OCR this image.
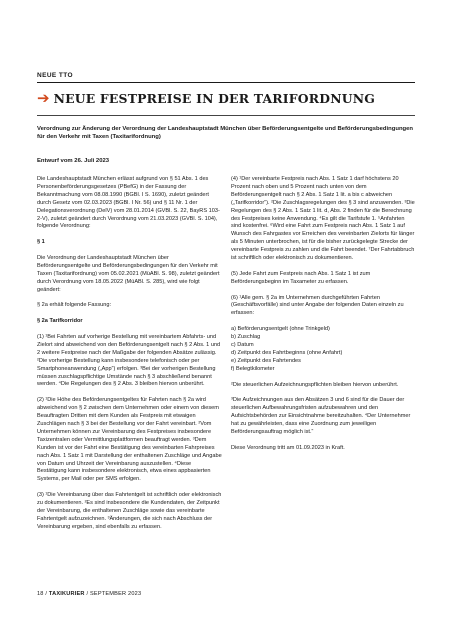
NEUE TTO
➔ NEUE FESTPREISE IN DER TARIFORDNUNG
Verordnung zur Änderung der Verordnung der Landeshauptstadt München über Beförderungsentgelte und Beförderungsbedingungen für den Verkehr mit Taxen (Taxitarifordnung)
Entwurf vom 26. Juli 2023

Die Landeshauptstadt München erlässt aufgrund von § 51 Abs. 1 des Personenbeförderungsgesetzes (PBefG) in der Fassung der Bekanntmachung vom 08.08.1990 (BGBl. I S. 1690), zuletzt geändert durch Gesetz vom 02.03.2023 (BGBl. I Nr. 56) und § 11 Nr. 1 der Delegationsverordnung (DelV) vom 28.01.2014 (GVBl. S. 22, BayRS 103-2-V), zuletzt geändert durch Verordnung vom 21.03.2023 (GVBl. S. 104), folgende Verordnung:

§ 1

Die Verordnung der Landeshauptstadt München über Beförderungsentgelte und Beförderungsbedingungen für den Verkehr mit Taxen (Taxitarifordnung) vom 05.02.2021 (MüABl. S. 98), zuletzt geändert durch Verordnung vom 18.05.2022 (MüABl. S. 285), wird wie folgt geändert:

§ 2a erhält folgende Fassung:

§ 2a Tarifkorridor

(1) ¹Bei Fahrten auf vorherige Bestellung mit vereinbartem Abfahrts- und Zielort sind abweichend von den Beförderungsentgelt nach § 2 Abs. 1 und 2 weitere Festpreise nach der Maßgabe der folgenden Absätze zulässig. ²Die vorherige Bestellung kann insbesondere telefonisch oder per Smartphoneanwendung („App“) erfolgen. ³Bei der vorherigen Bestellung müssen zuschlagspflichtige Umstände nach § 3 abschließend benannt werden. ⁴Die Regelungen des § 2 Abs. 3 bleiben hiervon unberührt.

(2) ¹Die Höhe des Beförderungsentgeltes für Fahrten nach § 2a wird abweichend von § 2 zwischen dem Unternehmen oder einem von diesem Beauftragten Dritten mit dem Kunden als Festpreis mit etwaigen Zuschlägen nach § 3 bei der Bestellung vor der Fahrt vereinbart. ²Vom Unternehmen können zur Vereinbarung des Festpreises insbesondere Taxizentralen oder Vermittlungsplattformen beauftragt werden. ³Dem Kunden ist vor der Fahrt eine Bestätigung des vereinbarten Fahrpreises nach Abs. 1 Satz 1 mit Darstellung der enthaltenen Zuschläge und Angabe von Datum und Uhrzeit der Vereinbarung auszustellen. ⁴Diese Bestätigung kann insbesondere elektronisch, etwa eines appbasierten Systems, per Mail oder per SMS erfolgen.

(3) ¹Die Vereinbarung über das Fahrtentgelt ist schriftlich oder elektronisch zu dokumentieren. ²Es sind insbesondere die Kundendaten, der Zeitpunkt der Vereinbarung, die enthaltenen Zuschläge sowie das vereinbarte Fahrtentgelt aufzuzeichnen. ³Änderungen, die sich nach Abschluss der Vereinbarung ergeben, sind ebenfalls zu erfassen.

(4) ¹Der vereinbarte Festpreis nach Abs. 1 Satz 1 darf höchstens 20 Prozent nach oben und 5 Prozent nach unten von dem Beförderungsentgelt nach § 2 Abs. 1 Satz 1 lit. a bis c abweichen („Tarifkorridor“). ²Die Zuschlagsregelungen des § 3 sind anzuwenden. ³Die Regelungen des § 2 Abs. 1 Satz 1 lit. d, Abs. 2 finden für die Berechnung des Festpreises keine Anwendung. ⁴Es gilt die Tarifstufe 1. ⁵Anfahrten sind kostenfrei. ⁶Wird eine Fahrt zum Festpreis nach Abs. 1 Satz 1 auf Wunsch des Fahrgastes vor Erreichen des vereinbarten Zielorts für länger als 5 Minuten unterbrochen, ist für die bisher zurückgelegte Strecke der vereinbarte Festpreis zu zahlen und die Fahrt beendet. ⁷Der Fahrtabbruch ist schriftlich oder elektronisch zu dokumentieren.

(5) Jede Fahrt zum Festpreis nach Abs. 1 Satz 1 ist zum Beförderungsbeginn im Taxameter zu erfassen.

(6) ¹Alle gem. § 2a im Unternehmen durchgeführten Fahrten (Geschäftsvorfälle) sind unter Angabe der folgenden Daten einzeln zu erfassen:

a) Beförderungsentgelt (ohne Trinkgeld)
b) Zuschlag
c) Datum
d) Zeitpunkt des Fahrtbeginns (ohne Anfahrt)
e) Zeitpunkt des Fahrtendes
f) Belegtkilometer

²Die steuerlichen Aufzeichnungspflichten bleiben hiervon unberührt.

³Die Aufzeichnungen aus den Absätzen 3 und 6 sind für die Dauer der steuerlichen Aufbewahrungsfristen aufzubewahren und den Aufsichtsbehörden zur Einsichtnahme bereitzuhalten. ⁴Der Unternehmer hat zu gewährleisten, dass eine Zuordnung zum jeweiligen Beförderungsauftrag möglich ist.“

Diese Verordnung tritt am 01.09.2023 in Kraft.

18 / TAXIKURIER / SEPTEMBER 2023
